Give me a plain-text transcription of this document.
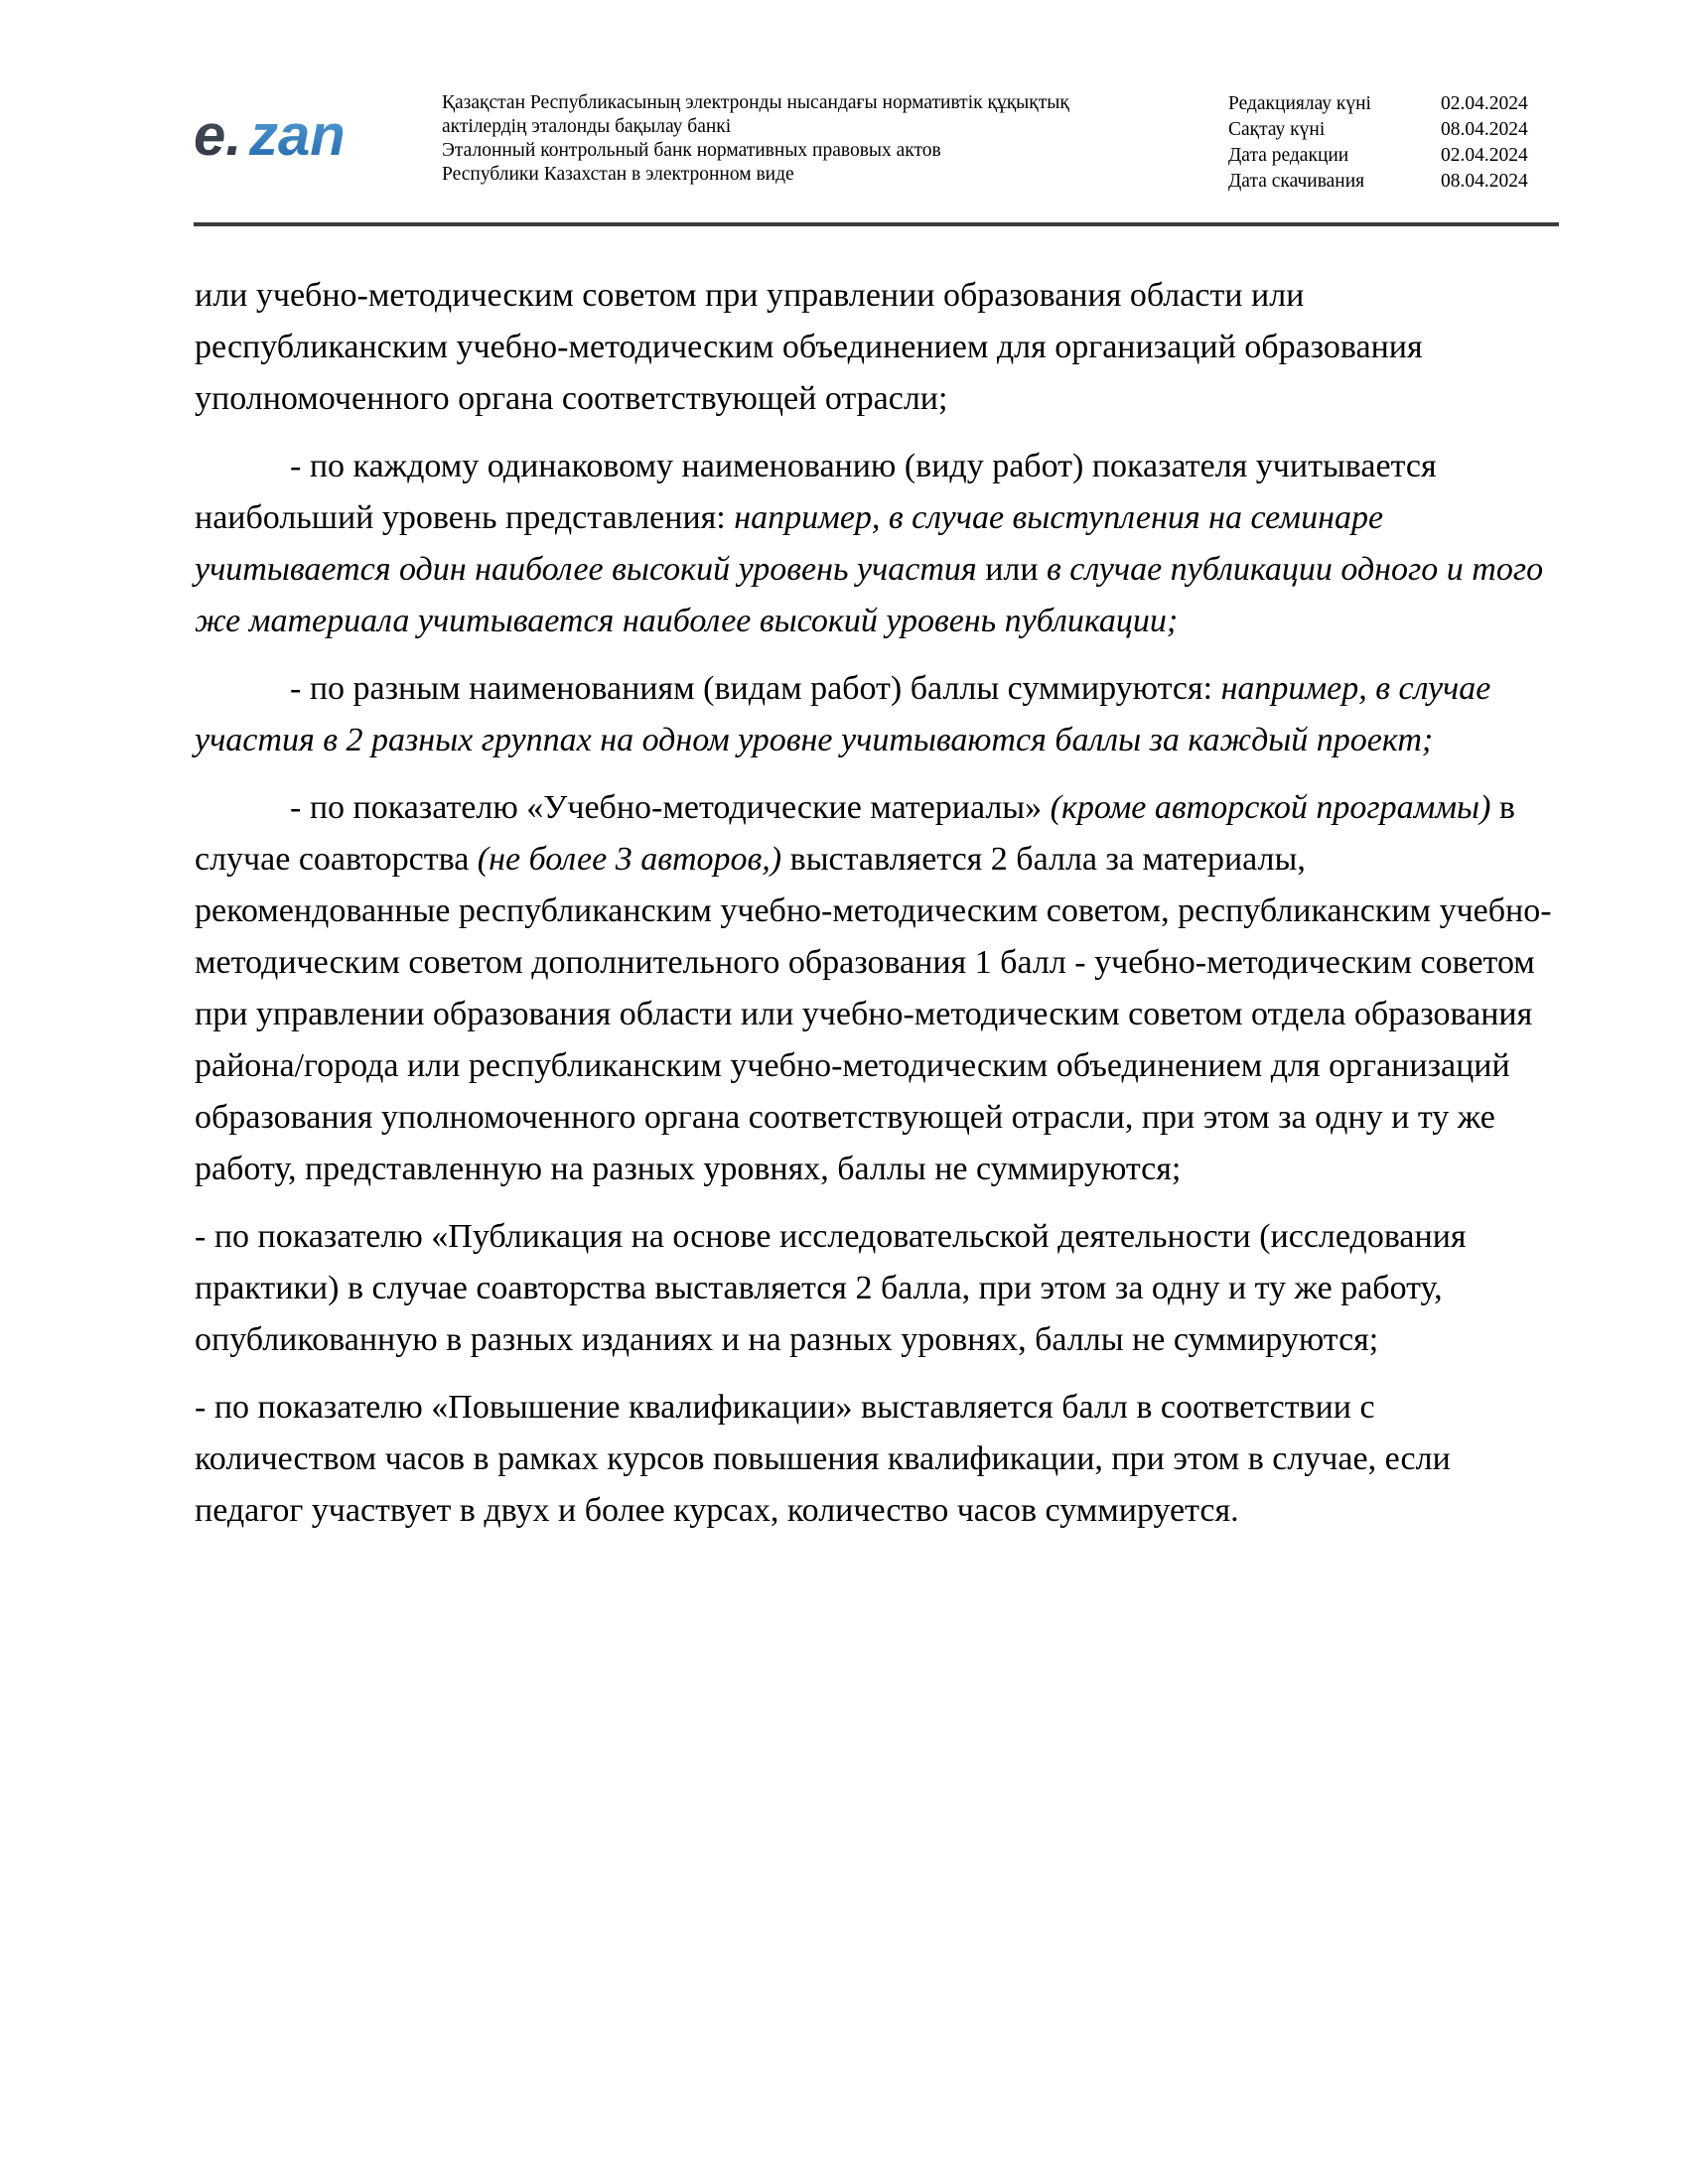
e. zan
Қазақстан Республикасының электронды нысандағы нормативтік құқықтық
актілердің эталонды бақылау банкі
Эталонный контрольный банк нормативных правовых актов
Республики Казахстан в электронном виде
Редакциялау күні	02.04.2024
Сақтау күні	08.04.2024
Дата редакции	02.04.2024
Дата скачивания	08.04.2024

или учебно-методическим советом при управлении образования области или республиканским учебно-методическим объединением для организаций образования уполномоченного органа соответствующей отрасли;

- по каждому одинаковому наименованию (виду работ) показателя учитывается наибольший уровень представления: например, в случае выступления на семинаре учитывается один наиболее высокий уровень участия или в случае публикации одного и того же материала учитывается наиболее высокий уровень публикации;

- по разным наименованиям (видам работ) баллы суммируются: например, в случае участия в 2 разных группах на одном уровне учитываются баллы за каждый проект;

- по показателю «Учебно-методические материалы» (кроме авторской программы) в случае соавторства (не более 3 авторов,) выставляется 2 балла за материалы, рекомендованные республиканским учебно-методическим советом, республиканским учебно-методическим советом дополнительного образования 1 балл - учебно-методическим советом при управлении образования области или учебно-методическим советом отдела образования района/города или республиканским учебно-методическим объединением для организаций образования уполномоченного органа соответствующей отрасли, при этом за одну и ту же работу, представленную на разных уровнях, баллы не суммируются;

- по показателю «Публикация на основе исследовательской деятельности (исследования практики) в случае соавторства выставляется 2 балла, при этом за одну и ту же работу, опубликованную в разных изданиях и на разных уровнях, баллы не суммируются;

- по показателю «Повышение квалификации» выставляется балл в соответствии с количеством часов в рамках курсов повышения квалификации, при этом в случае, если педагог участвует в двух и более курсах, количество часов суммируется.
